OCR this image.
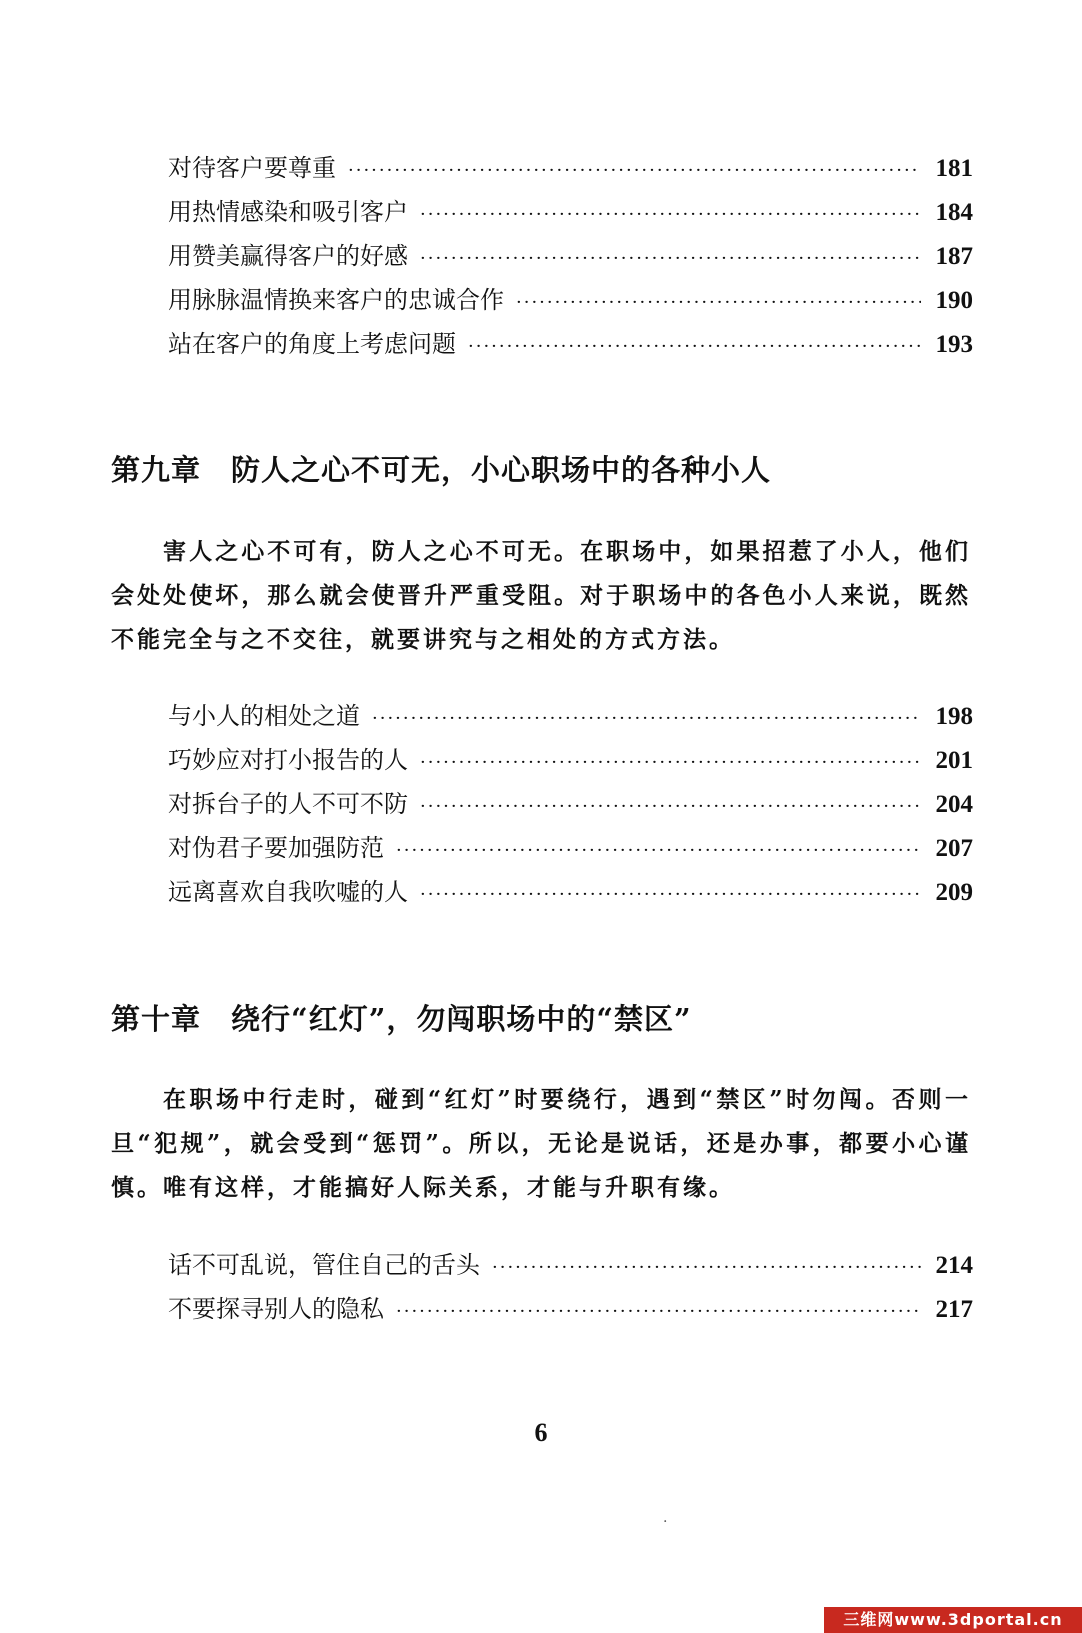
对待客户要尊重 ·····	181
用热情感染和吸引客户 ·····	184
用赞美赢得客户的好感 ·····	187
用脉脉温情换来客户的忠诚合作 ·····	190
站在客户的角度上考虑问题 ·····	193
第九章 防人之心不可无，小心职场中的各种小人
害人之心不可有，防人之心不可无。在职场中，如果招惹了小人，他们会处处使坏，那么就会使晋升严重受阻。对于职场中的各色小人来说，既然不能完全与之不交往，就要讲究与之相处的方式方法。
与小人的相处之道 ·····	198
巧妙应对打小报告的人 ·····	201
对拆台子的人不可不防 ·····	204
对伪君子要加强防范 ·····	207
远离喜欢自我吹嘘的人 ·····	209
第十章 绕行“红灯”，勿闯职场中的“禁区”
在职场中行走时，碰到“红灯”时要绕行，遇到“禁区”时勿闯。否则一旦“犯规”，就会受到“惩罚”。所以，无论是说话，还是办事，都要小心谨慎。唯有这样，才能搞好人际关系，才能与升职有缘。
话不可乱说，管住自己的舌头 ·····	214
不要探寻别人的隐私 ·····	217
6
.
三维网www.3dportal.cn
